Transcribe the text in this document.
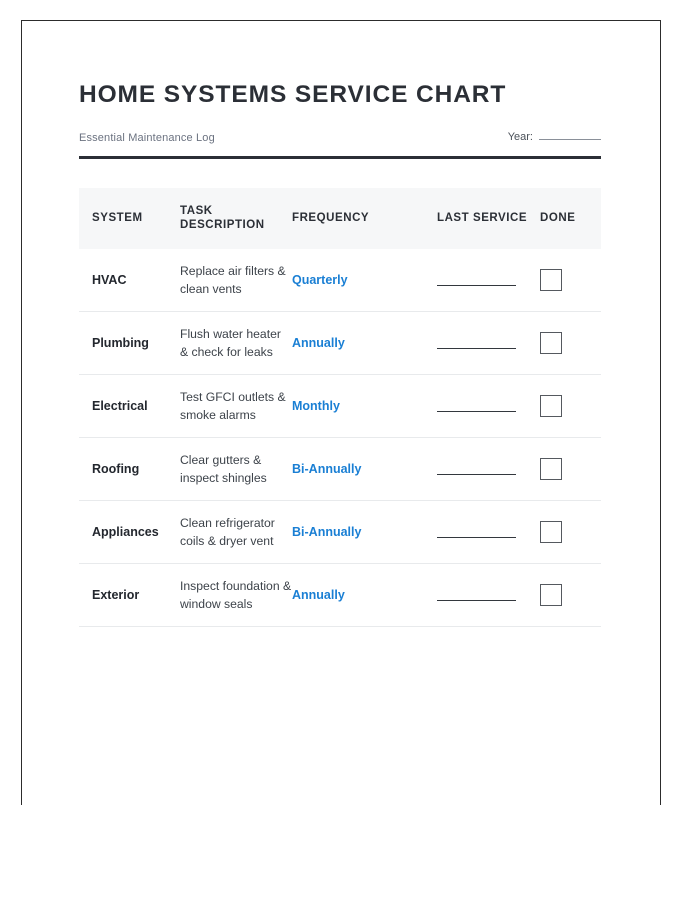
HOME SYSTEMS SERVICE CHART
Essential Maintenance Log	Year:
SYSTEM	TASK DESCRIPTION	FREQUENCY	LAST SERVICE	DONE
HVAC	Replace air filters & clean vents	Quarterly	

Plumbing	Flush water heater & check for leaks	Annually	

Electrical	Test GFCI outlets & smoke alarms	Monthly	

Roofing	Clear gutters & inspect shingles	Bi-Annually	

Appliances	Clean refrigerator coils & dryer vent	Bi-Annually	

Exterior	Inspect foundation & window seals	Annually	
